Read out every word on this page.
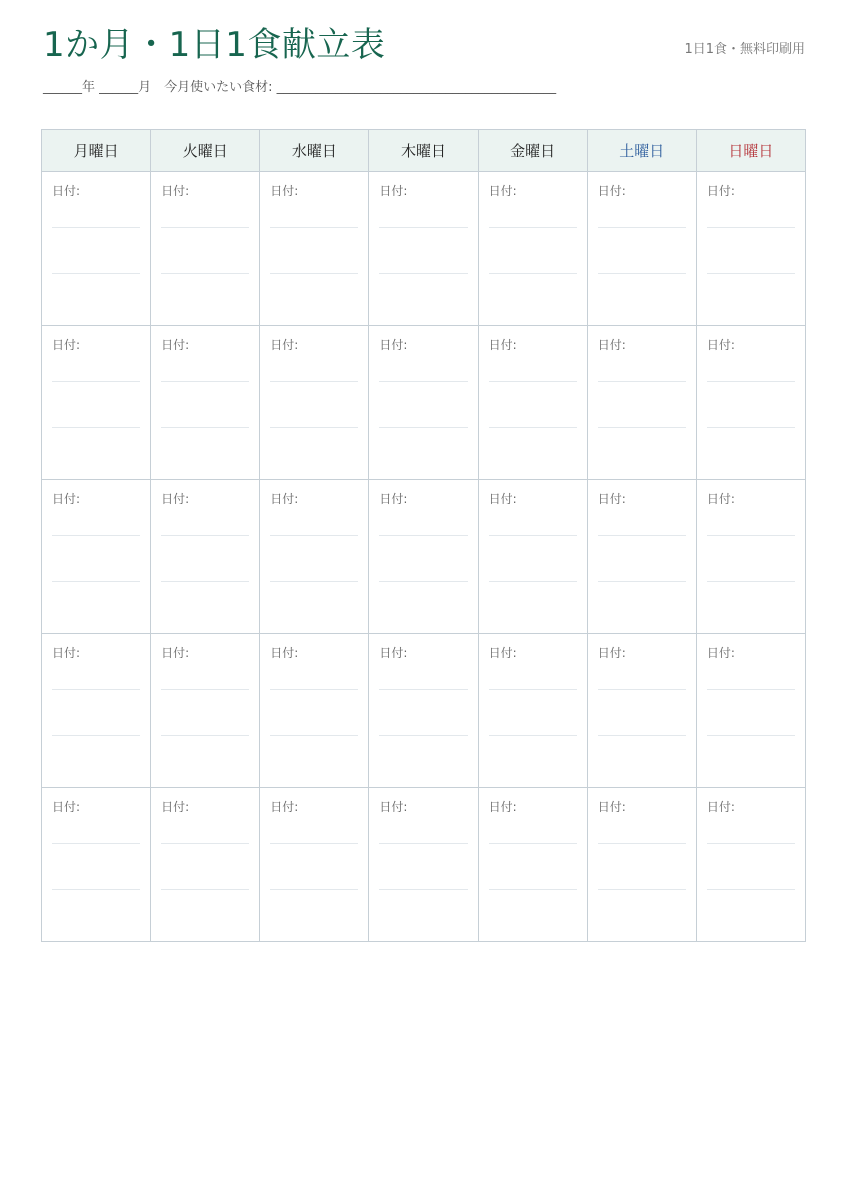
1か月・1日1食献立表	1日1食・無料印刷用
______年 ______月　今月使いたい食材: ___________________________________________
月曜日	火曜日	水曜日	木曜日	金曜日	土曜日	日曜日

日付:	日付:	日付:	日付:	日付:	日付:	日付:

日付:	日付:	日付:	日付:	日付:	日付:	日付:

日付:	日付:	日付:	日付:	日付:	日付:	日付:

日付:	日付:	日付:	日付:	日付:	日付:	日付:

日付:	日付:	日付:	日付:	日付:	日付:	日付:
